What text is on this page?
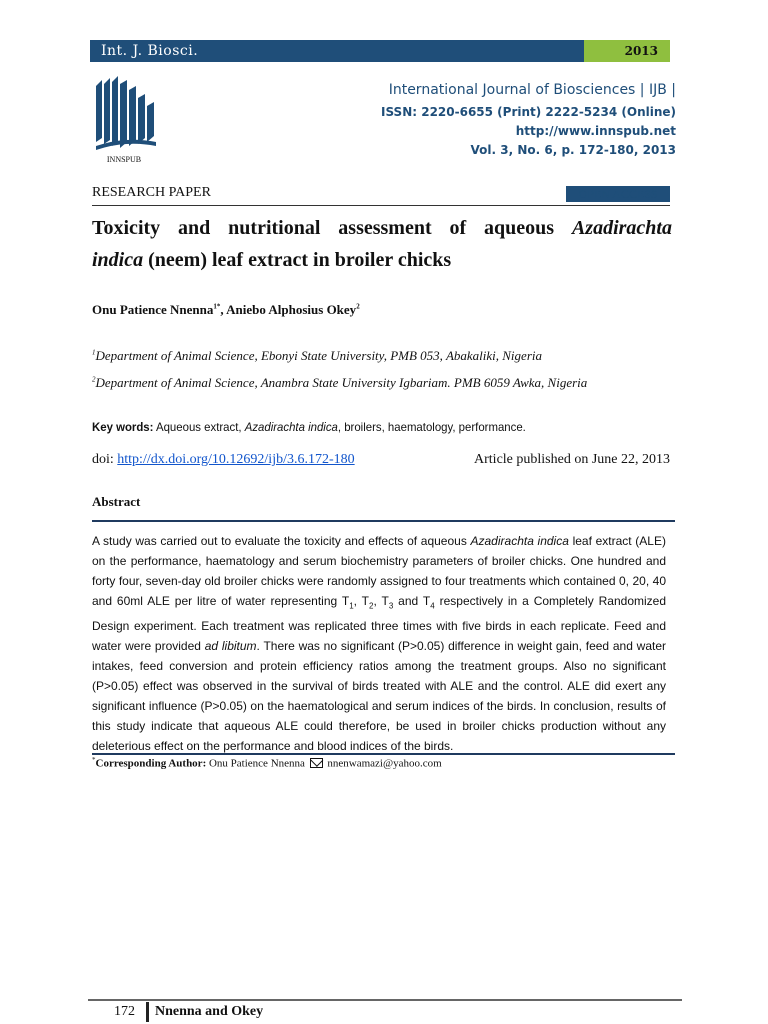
Int. J. Biosci.	2013
INNSPUB
International Journal of Biosciences | IJB |
ISSN: 2220-6655 (Print) 2222-5234 (Online)
http://www.innspub.net
Vol. 3, No. 6, p. 172-180, 2013
RESEARCH PAPER	OPEN ACCESS
Toxicity and nutritional assessment of aqueous Azadirachta
indica (neem) leaf extract in broiler chicks
Onu Patience Nnenna$^{1*}$, Aniebo Alphosius Okey$^2$
$^1$Department of Animal Science, Ebonyi State University, PMB 053, Abakaliki, Nigeria
$^2$Department of Animal Science, Anambra State University Igbariam. PMB 6059 Awka, Nigeria
Key words: Aqueous extract, Azadirachta indica, broilers, haematology, performance.
doi: http://dx.doi.org/10.12692/ijb/3.6.172-180	Article published on June 22, 2013
Abstract
A study was carried out to evaluate the toxicity and effects of aqueous Azadirachta indica leaf extract (ALE) on the performance, haematology and serum biochemistry parameters of broiler chicks. One hundred and forty four, seven-day old broiler chicks were randomly assigned to four treatments which contained 0, 20, 40 and 60ml ALE per litre of water representing $T_1$, $T_2$, $T_3$ and $T_4$ respectively in a Completely Randomized Design experiment. Each treatment was replicated three times with five birds in each replicate. Feed and water were provided ad libitum. There was no significant (P>0.05) difference in weight gain, feed and water intakes, feed conversion and protein efficiency ratios among the treatment groups. Also no significant (P>0.05) effect was observed in the survival of birds treated with ALE and the control. ALE did exert any significant influence (P>0.05) on the haematological and serum indices of the birds. In conclusion, results of this study indicate that aqueous ALE could therefore, be used in broiler chicks production without any deleterious effect on the performance and blood indices of the birds.
*Corresponding Author: Onu Patience Nnenna  nnenwamazi@yahoo.com
172 Nnenna and Okey
